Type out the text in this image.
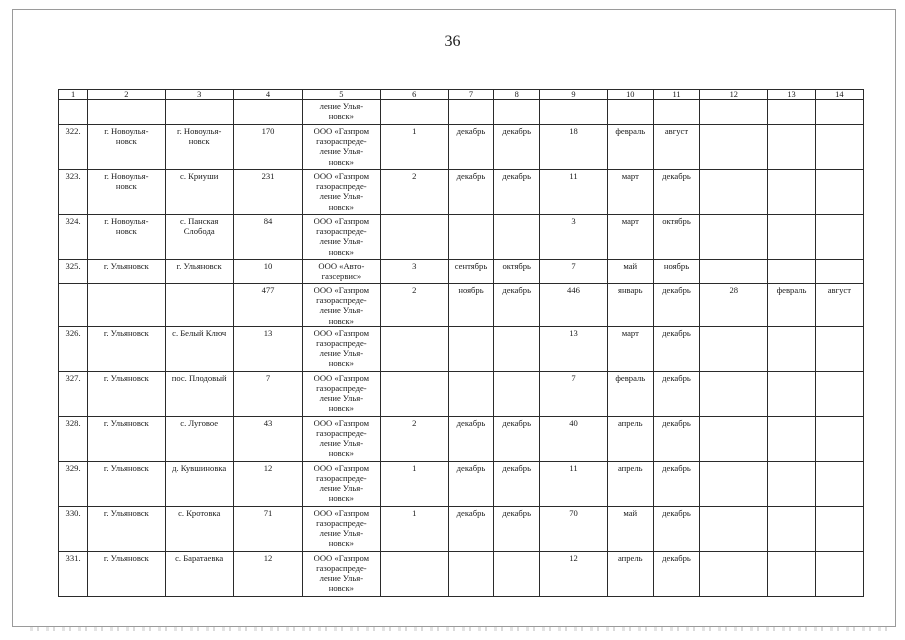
36
1	2	3	4	5	6	7	8	9	10	11	12	13	14
				ление Улья-
новск»									
322.	г. Новоулья-
новск	г. Новоулья-
новск	170	ООО «Газпром
газораспреде-
ление Улья-
новск»	1	декабрь	декабрь	18	февраль	август			
323.	г. Новоулья-
новск	с. Криуши	231	ООО «Газпром
газораспреде-
ление Улья-
новск»	2	декабрь	декабрь	11	март	декабрь			
324.	г. Новоулья-
новск	с. Панская
Слобода	84	ООО «Газпром
газораспреде-
ление Улья-
новск»				3	март	октябрь			
325.	г. Ульяновск	г. Ульяновск	10	ООО «Авто-
газсервис»	3	сентябрь	октябрь	7	май	ноябрь			
			477	ООО «Газпром
газораспреде-
ление Улья-
новск»	2	ноябрь	декабрь	446	январь	декабрь	28	февраль	август
326.	г. Ульяновск	с. Белый Ключ	13	ООО «Газпром
газораспреде-
ление Улья-
новск»				13	март	декабрь			
327.	г. Ульяновск	пос. Плодовый	7	ООО «Газпром
газораспреде-
ление Улья-
новск»				7	февраль	декабрь			
328.	г. Ульяновск	с. Луговое	43	ООО «Газпром
газораспреде-
ление Улья-
новск»	2	декабрь	декабрь	40	апрель	декабрь			
329.	г. Ульяновск	д. Кувшиновка	12	ООО «Газпром
газораспреде-
ление Улья-
новск»	1	декабрь	декабрь	11	апрель	декабрь			
330.	г. Ульяновск	с. Кротовка	71	ООО «Газпром
газораспреде-
ление Улья-
новск»	1	декабрь	декабрь	70	май	декабрь			
331.	г. Ульяновск	с. Баратаевка	12	ООО «Газпром
газораспреде-
ление Улья-
новск»				12	апрель	декабрь			
